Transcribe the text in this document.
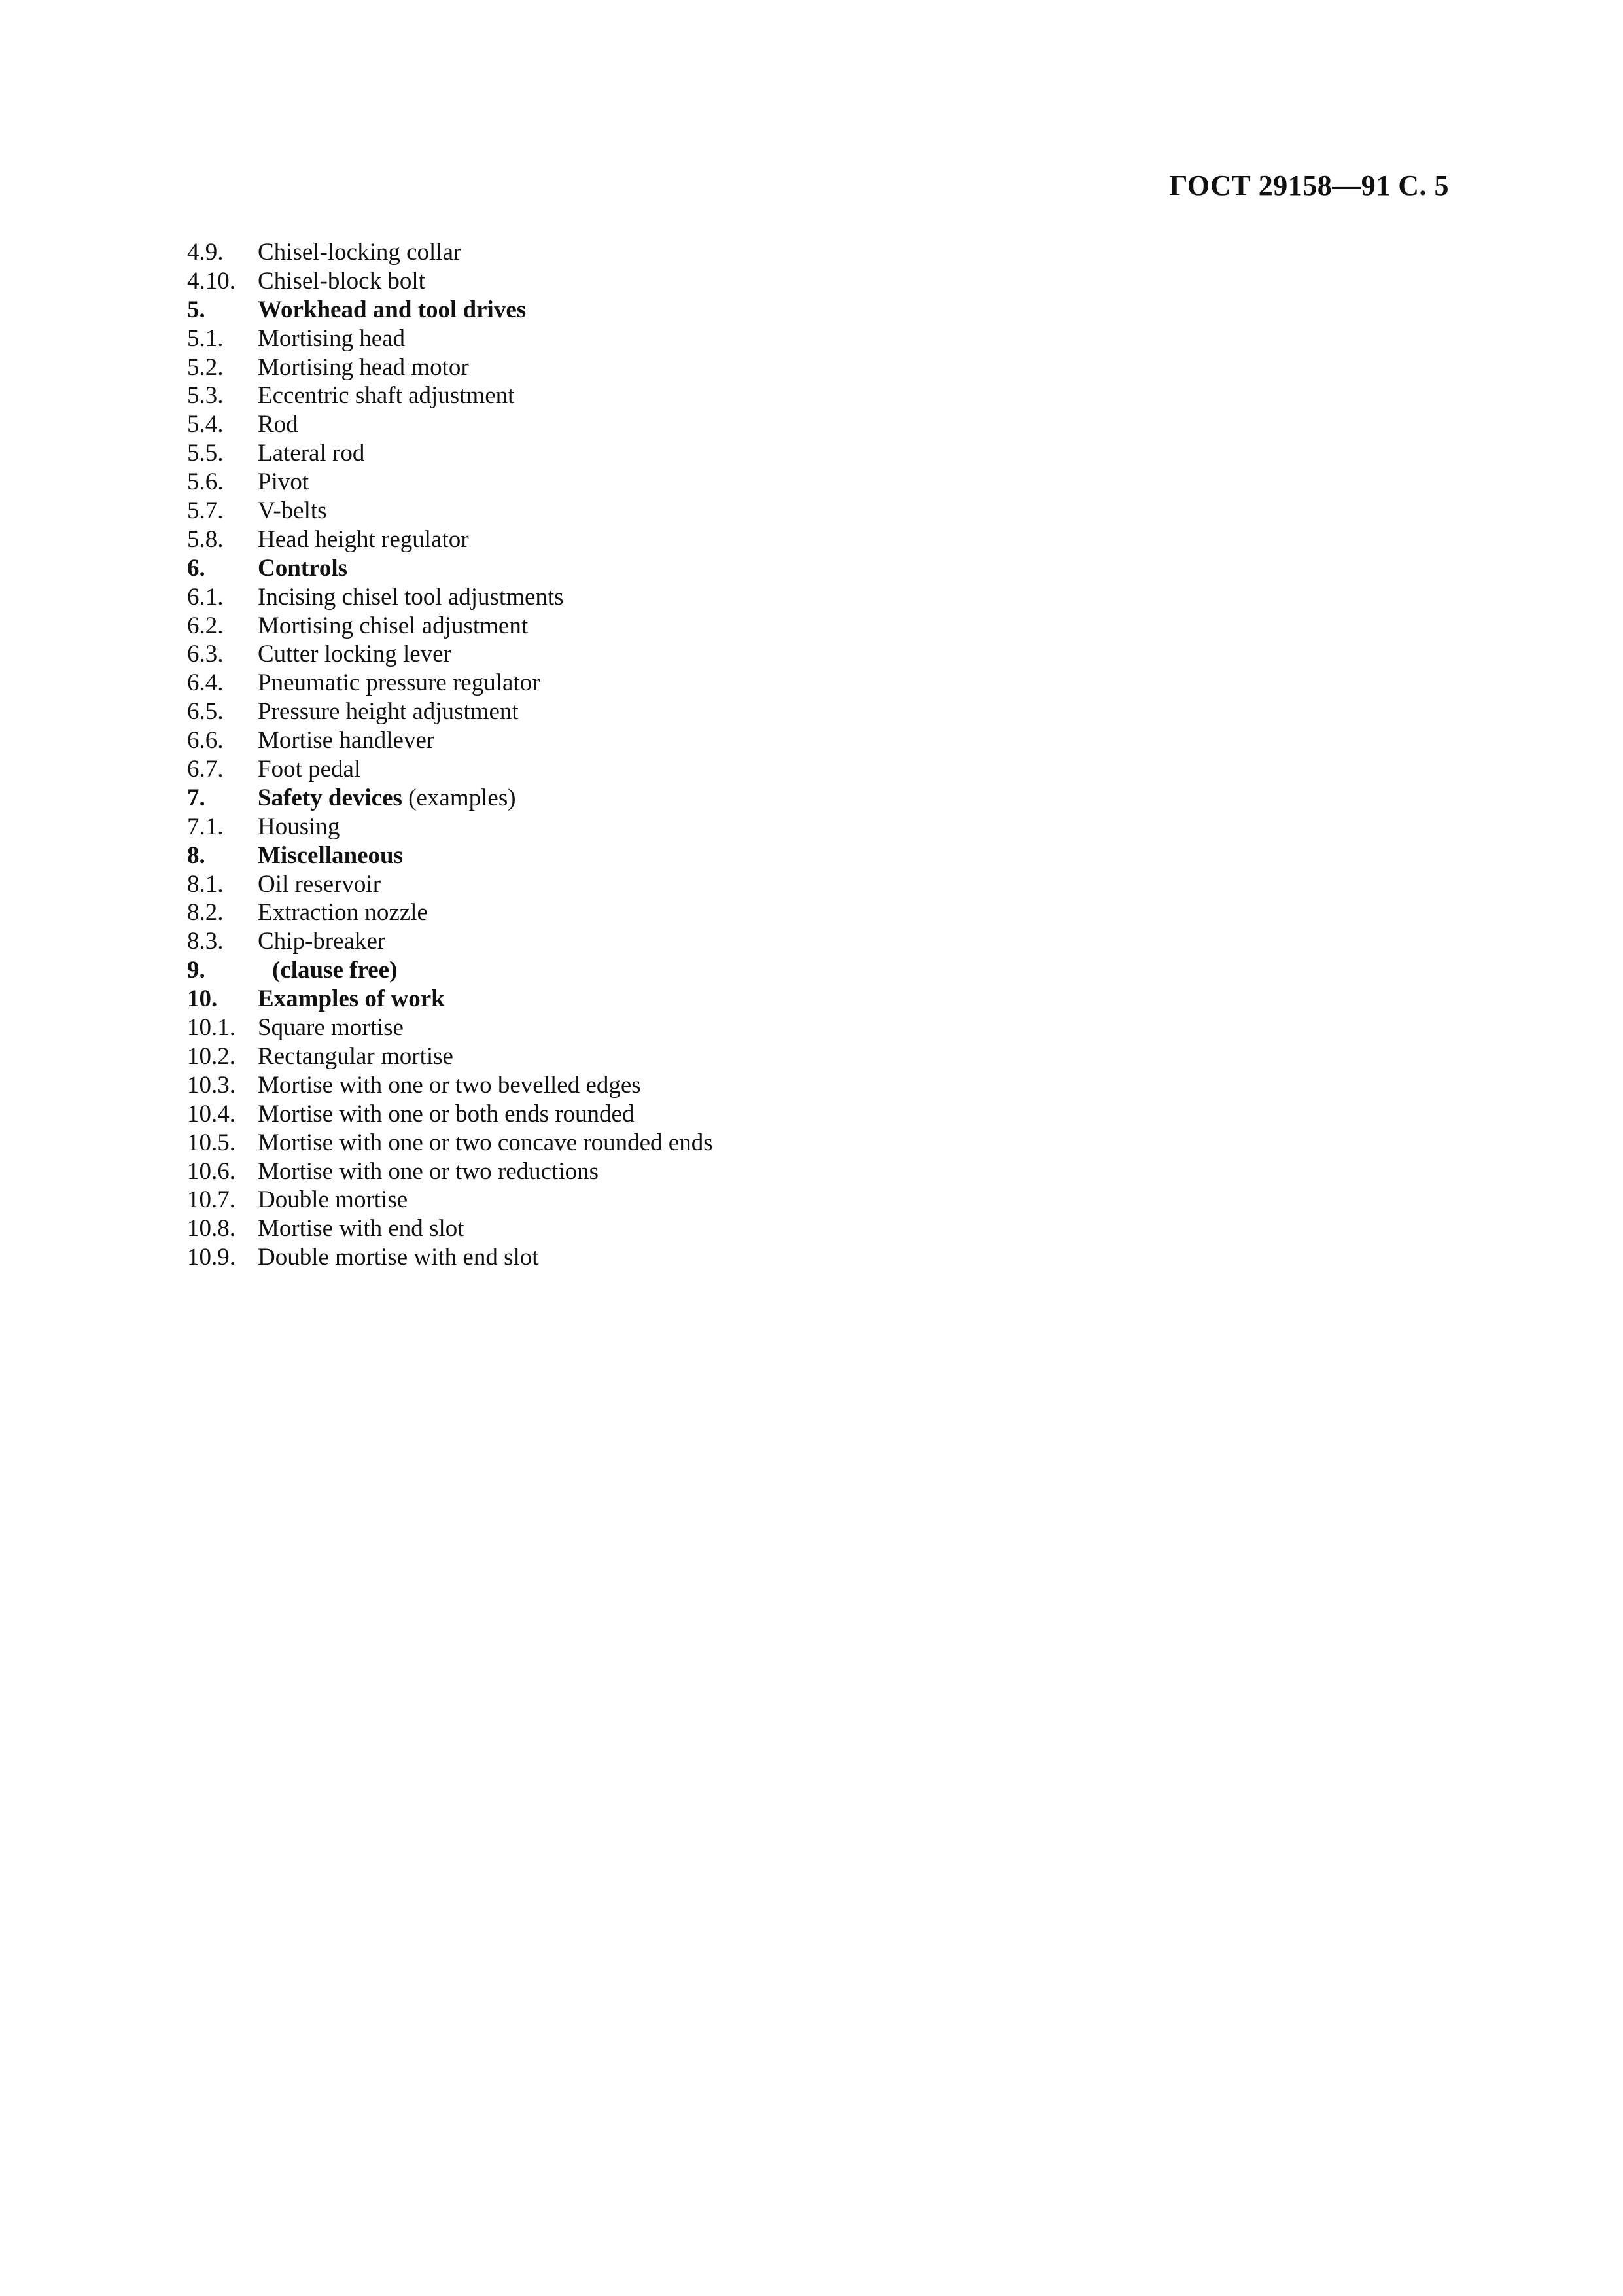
ГОСТ 29158—91 С. 5
4.9.	Chisel-locking collar
4.10. Chisel-block bolt
5.	Workhead and tool drives
5.1.	Mortising head
5.2.	Mortising head motor
5.3.	Eccentric shaft adjustment
5.4.	Rod
5.5.	Lateral rod
5.6.	Pivot
5.7.	V-belts
5.8.	Head height regulator
6.	Controls
6.1.	Incising chisel tool adjustments
6.2.	Mortising chisel adjustment
6.3.	Cutter locking lever
6.4.	Pneumatic pressure regulator
6.5.	Pressure height adjustment
6.6.	Mortise handlever
6.7.	Foot pedal
7.	Safety devices (examples)
7.1.	Housing
8.	Miscellaneous
8.1.	Oil reservoir
8.2.	Extraction nozzle
8.3.	Chip-breaker
9.	(clause free)
10.	Examples of work
10.1. Square mortise
10.2. Rectangular mortise
10.3. Mortise with one or two bevelled edges
10.4. Mortise with one or both ends rounded
10.5. Mortise with one or two concave rounded ends
10.6. Mortise with one or two reductions
10.7. Double mortise
10.8. Mortise with end slot
10.9. Double mortise with end slot
